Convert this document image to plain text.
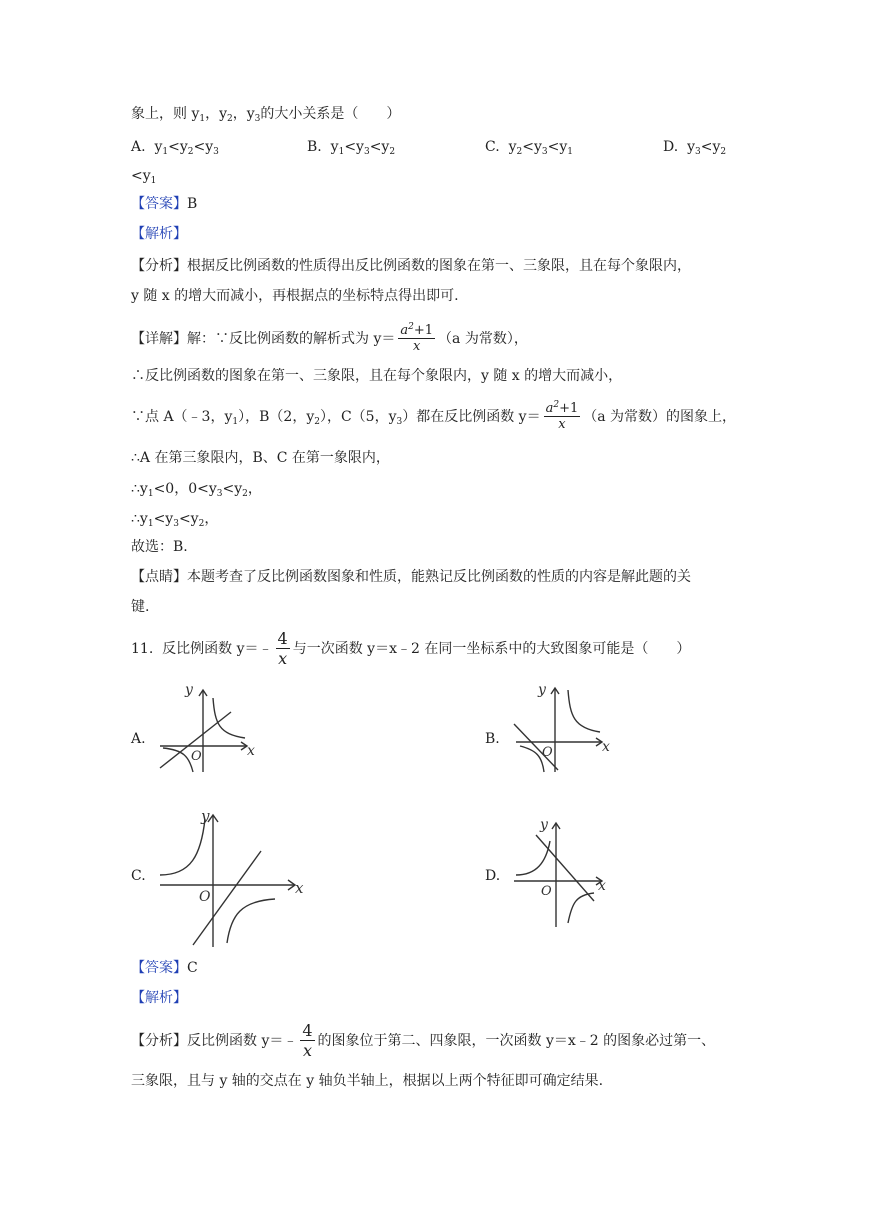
象上，则 $y_1$，$y_2$，$y_3$的大小关系是（　　）
A. $y_1<y_2<y_3$	B. $y_1<y_3<y_2$	C. $y_2<y_3<y_1$	D. $y_3<y_2$
$<y_1$
【答案】B
【解析】
【分析】根据反比例函数的性质得出反比例函数的图象在第一、三象限，且在每个象限内，
y 随 x 的增大而减小，再根据点的坐标特点得出即可.
【详解】解：∵反比例函数的解析式为 $y= \frac{a^2+1}{x} (a$ 为常数），
∴反比例函数的图象在第一、三象限，且在每个象限内，y 随 x 的增大而减小，
∵点 A（﹣3，$y_1$），B（2，$y_2$），C（5，$y_3$）都在反比例函数 $y= \frac{a^2+1}{x} (a$ 为常数）的图象上，
∴A 在第三象限内，B、C 在第一象限内，
$\therefore y_1<0$，$0<y_3<y_2$，
$\therefore y_1<y_3<y_2$，
故选：B.
【点睛】本题考查了反比例函数图象和性质，能熟记反比例函数的性质的内容是解此题的关
键.
11. 反比例函数 y＝﹣ $\frac{4}{x}$ 与一次函数 y＝x﹣2 在同一坐标系中的大致图象可能是（　　）
A.
y
x
O
B.
y
x
O
C.
y
x
O
D.
y
x
O
【答案】C
【解析】
【分析】反比例函数 y＝﹣ $\frac{4}{x}$ 的图象位于第二、四象限，一次函数 y＝x﹣2 的图象必过第一、
三象限，且与 y 轴的交点在 y 轴负半轴上，根据以上两个特征即可确定结果.
